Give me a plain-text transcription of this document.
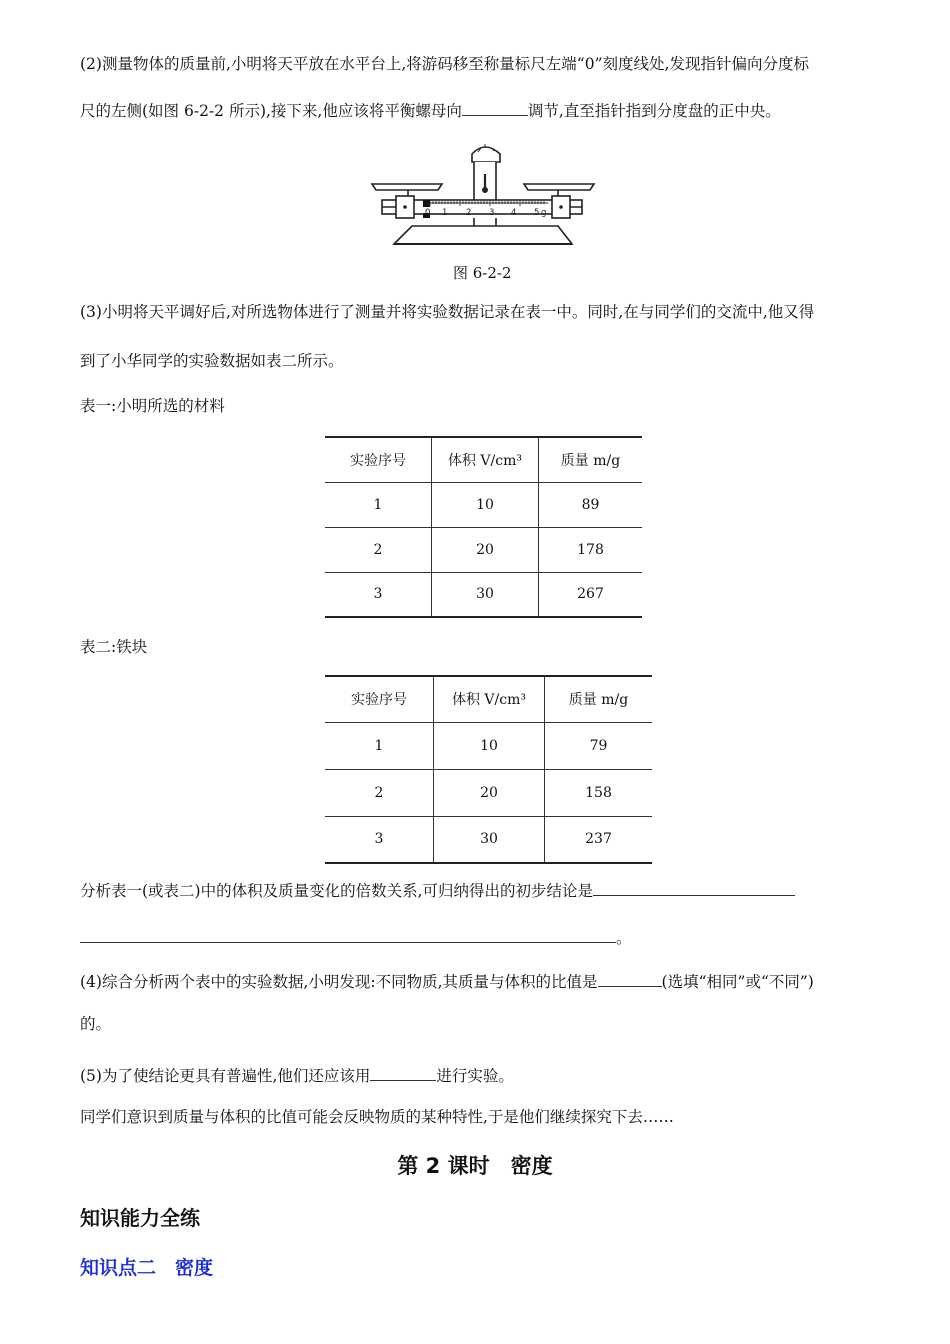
(2)测量物体的质量前,小明将天平放在水平台上,将游码移至称量标尺左端“0”刻度线处,发现指针偏向分度标
尺的左侧(如图 6-2-2 所示),接下来,他应该将平衡螺母向	调节,直至指针指到分度盘的正中央。
0 1 2 3 4 5 g
图 6-2-2
(3)小明将天平调好后,对所选物体进行了测量并将实验数据记录在表一中。同时,在与同学们的交流中,他又得
到了小华同学的实验数据如表二所示。
表一:小明所选的材料
实验序号	体积 V/cm³	质量 m/g
1	10	89
2	20	178
3	30	267
表二:铁块
实验序号	体积 V/cm³	质量 m/g
1	10	79
2	20	158
3	30	237
分析表一(或表二)中的体积及质量变化的倍数关系,可归纳得出的初步结论是
。
(4)综合分析两个表中的实验数据,小明发现:不同物质,其质量与体积的比值是	(选填“相同”或“不同”)
的。
(5)为了使结论更具有普遍性,他们还应该用	进行实验。
同学们意识到质量与体积的比值可能会反映物质的某种特性,于是他们继续探究下去……
第 2 课时　密度
知识能力全练
知识点二　密度
